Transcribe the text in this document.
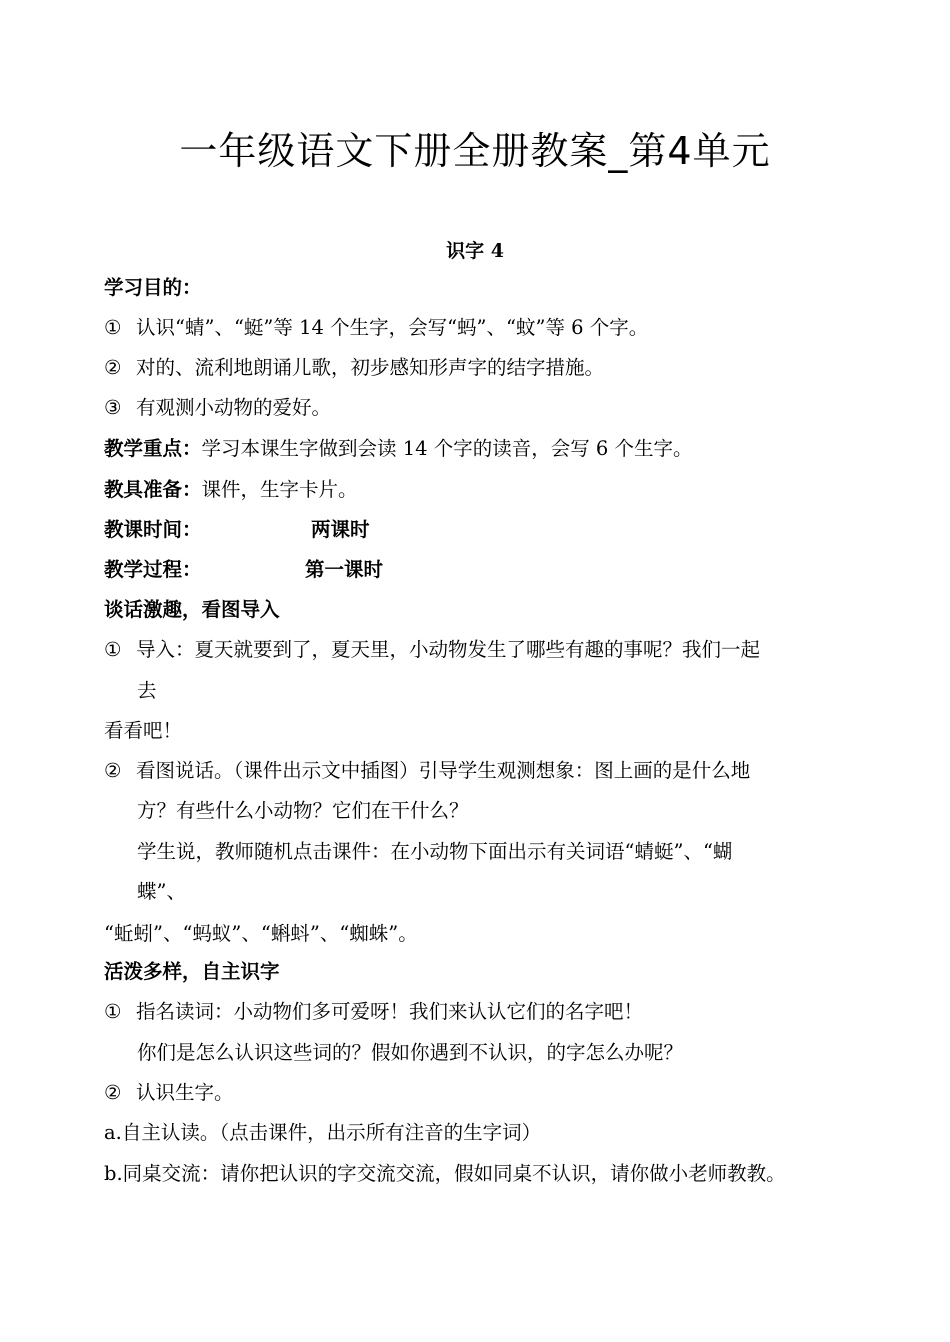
一年级语文下册全册教案_第4单元
识字 4
学习目的：
① 认识“蜻”、“蜓”等 14 个生字，会写“蚂”、“蚊”等 6 个字。
② 对的、流利地朗诵儿歌，初步感知形声字的结字措施。
③ 有观测小动物的爱好。
教学重点：学习本课生字做到会读 14 个字的读音，会写 6 个生字。
教具准备：课件，生字卡片。
教课时间：	两课时
教学过程：	第一课时
谈话激趣，看图导入
① 导入：夏天就要到了，夏天里，小动物发生了哪些有趣的事呢？我们一起
去
看看吧！
② 看图说话。（课件出示文中插图）引导学生观测想象：图上画的是什么地
方？有些什么小动物？它们在干什么？
学生说，教师随机点击课件：在小动物下面出示有关词语“蜻蜓”、“蝴
蝶”、
“蚯蚓”、“蚂蚁”、“蝌蚪”、“蜘蛛”。
活泼多样，自主识字
① 指名读词：小动物们多可爱呀！我们来认认它们的名字吧！
你们是怎么认识这些词的？假如你遇到不认识，的字怎么办呢？
② 认识生字。
a.自主认读。（点击课件，出示所有注音的生字词）
b.同桌交流：请你把认识的字交流交流，假如同桌不认识，请你做小老师教教。
